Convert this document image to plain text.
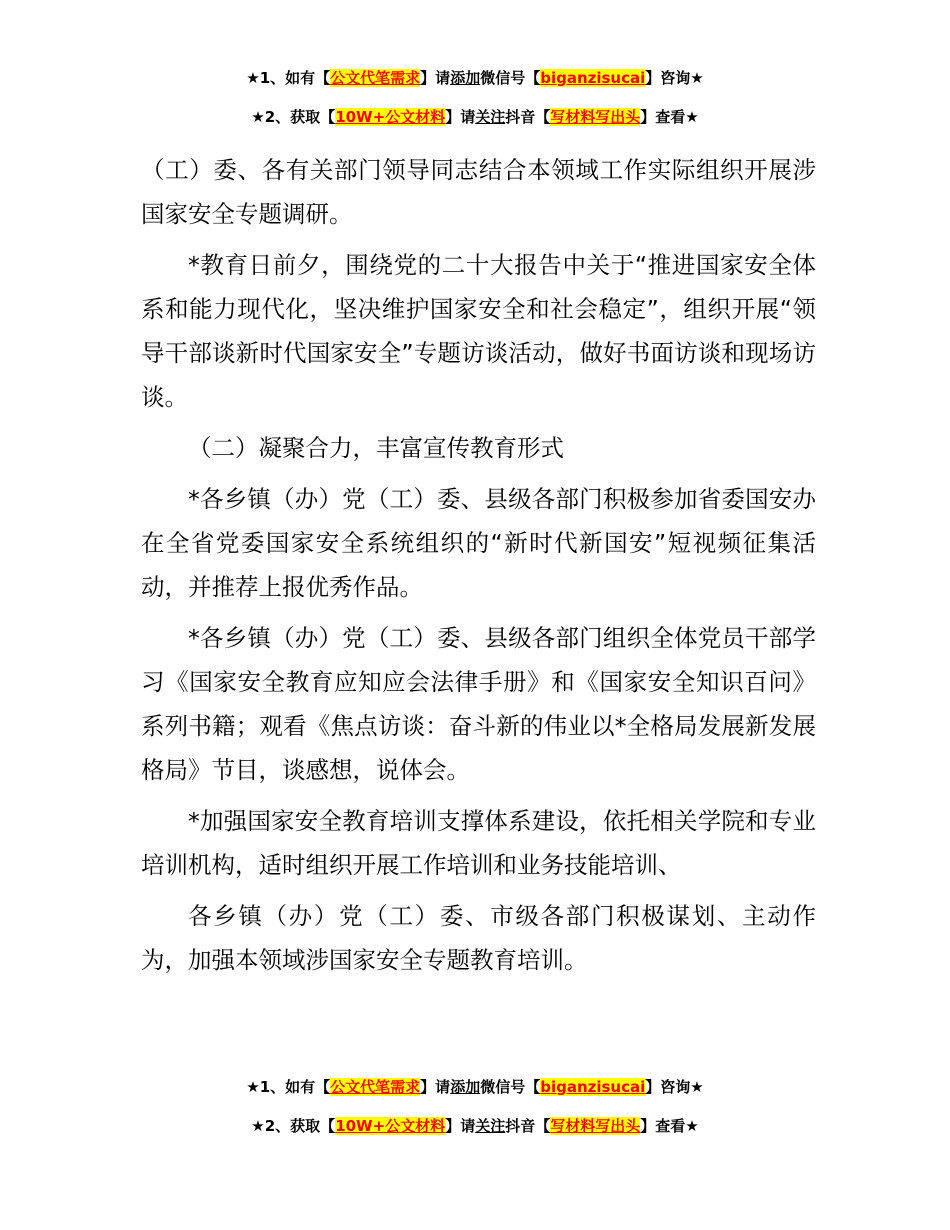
★1、如有【公文代笔需求】请添加微信号【biganzisucai】咨询★
★2、获取【10W+公文材料】请关注抖音【写材料写出头】查看★

（工）委、各有关部门领导同志结合本领域工作实际组织开展涉国家安全专题调研。

*教育日前夕，围绕党的二十大报告中关于“推进国家安全体系和能力现代化，坚决维护国家安全和社会稳定”，组织开展“领导干部谈新时代国家安全”专题访谈活动，做好书面访谈和现场访谈。

（二）凝聚合力，丰富宣传教育形式

*各乡镇（办）党（工）委、县级各部门积极参加省委国安办在全省党委国家安全系统组织的“新时代新国安”短视频征集活动，并推荐上报优秀作品。

*各乡镇（办）党（工）委、县级各部门组织全体党员干部学习《国家安全教育应知应会法律手册》和《国家安全知识百问》系列书籍；观看《焦点访谈：奋斗新的伟业以*全格局发展新发展格局》节目，谈感想，说体会。

*加强国家安全教育培训支撑体系建设，依托相关学院和专业培训机构，适时组织开展工作培训和业务技能培训、

各乡镇（办）党（工）委、市级各部门积极谋划、主动作为，加强本领域涉国家安全专题教育培训。

★1、如有【公文代笔需求】请添加微信号【biganzisucai】咨询★
★2、获取【10W+公文材料】请关注抖音【写材料写出头】查看★
